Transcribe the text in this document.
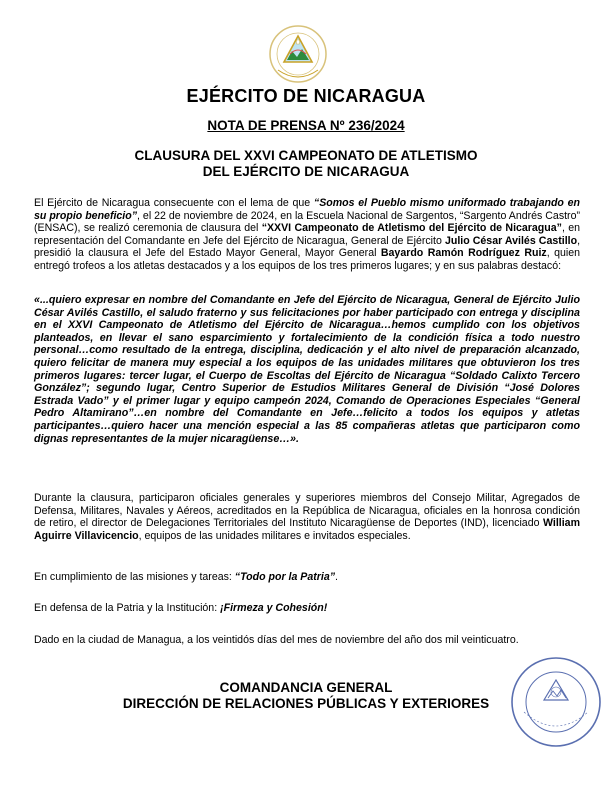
EJÉRCITO DE NICARAGUA
NOTA DE PRENSA Nº 236/2024
CLAUSURA DEL XXVI CAMPEONATO DE ATLETISMO
DEL EJÉRCITO DE NICARAGUA

El Ejército de Nicaragua consecuente con el lema de que “Somos el Pueblo mismo uniformado trabajando en su propio beneficio”, el 22 de noviembre de 2024, en la Escuela Nacional de Sargentos, “Sargento Andrés Castro” (ENSAC), se realizó ceremonia de clausura del “XXVI Campeonato de Atletismo del Ejército de Nicaragua”, en representación del Comandante en Jefe del Ejército de Nicaragua, General de Ejército Julio César Avilés Castillo, presidió la clausura el Jefe del Estado Mayor General, Mayor General Bayardo Ramón Rodríguez Ruiz, quien entregó trofeos a los atletas destacados y a los equipos de los tres primeros lugares; y en sus palabras destacó:

«...quiero expresar en nombre del Comandante en Jefe del Ejército de Nicaragua, General de Ejército Julio César Avilés Castillo, el saludo fraterno y sus felicitaciones por haber participado con entrega y disciplina en el XXVI Campeonato de Atletismo del Ejército de Nicaragua…hemos cumplido con los objetivos planteados, en llevar el sano esparcimiento y fortalecimiento de la condición física a todo nuestro personal…como resultado de la entrega, disciplina, dedicación y el alto nivel de preparación alcanzado, quiero felicitar de manera muy especial a los equipos de las unidades militares que obtuvieron los tres primeros lugares: tercer lugar, el Cuerpo de Escoltas del Ejército de Nicaragua “Soldado Calixto Tercero González”; segundo lugar, Centro Superior de Estudios Militares General de División “José Dolores Estrada Vado” y el primer lugar y equipo campeón 2024, Comando de Operaciones Especiales “General Pedro Altamirano”…en nombre del Comandante en Jefe…felicito a todos los equipos y atletas participantes…quiero hacer una mención especial a las 85 compañeras atletas que participaron como dignas representantes de la mujer nicaragüense…».

Durante la clausura, participaron oficiales generales y superiores miembros del Consejo Militar, Agregados de Defensa, Militares, Navales y Aéreos, acreditados en la República de Nicaragua, oficiales en la honrosa condición de retiro, el director de Delegaciones Territoriales del Instituto Nicaragüense de Deportes (IND), licenciado William Aguirre Villavicencio, equipos de las unidades militares e invitados especiales.

En cumplimiento de las misiones y tareas: “Todo por la Patria”.

En defensa de la Patria y la Institución: ¡Firmeza y Cohesión!

Dado en la ciudad de Managua, a los veintidós días del mes de noviembre del año dos mil veinticuatro.

COMANDANCIA GENERAL
DIRECCIÓN DE RELACIONES PÚBLICAS Y EXTERIORES
